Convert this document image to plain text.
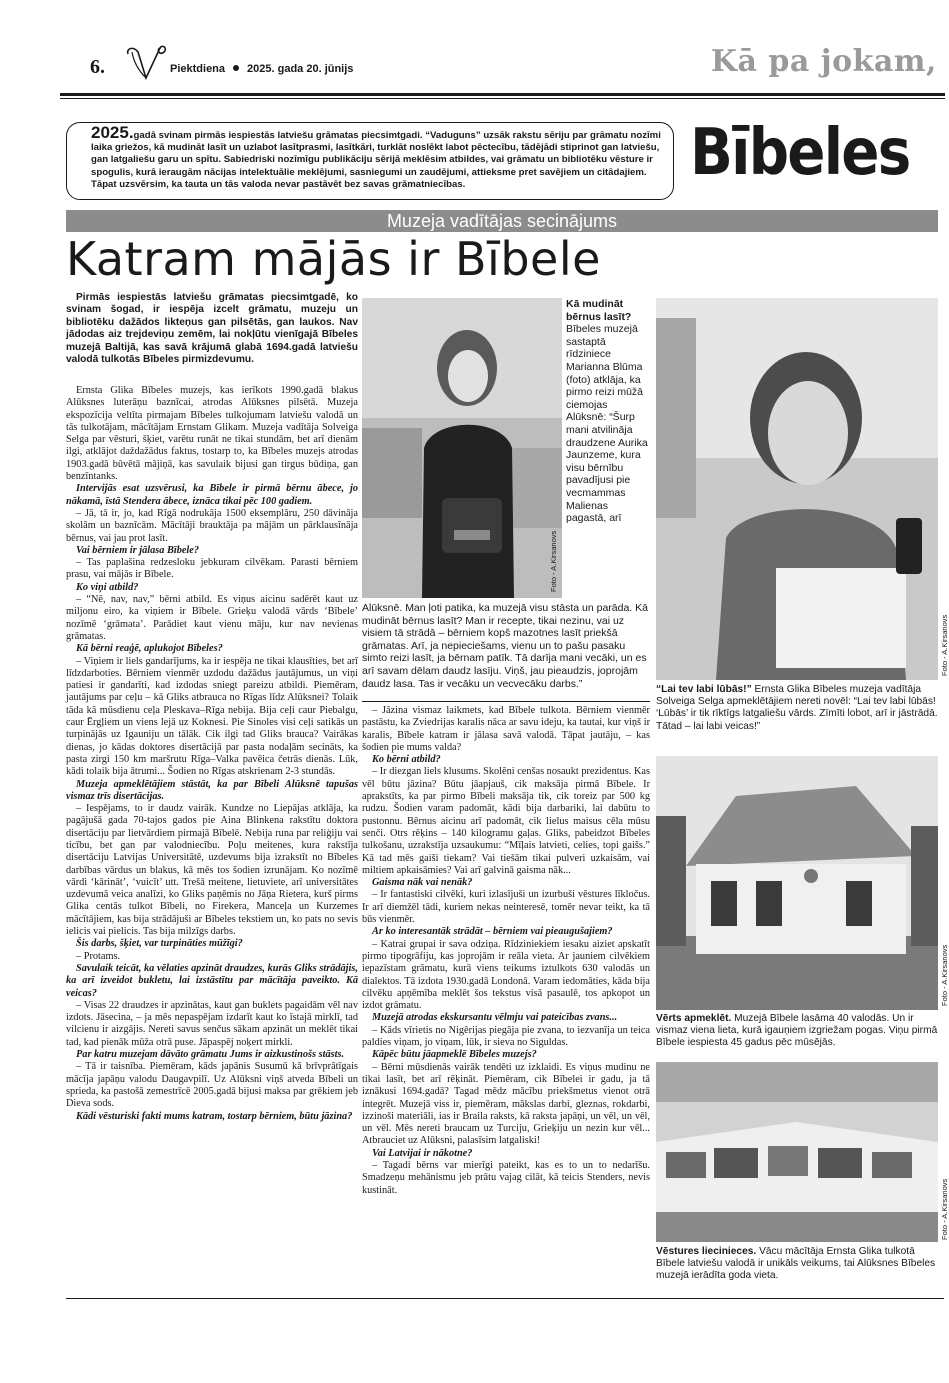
6.	Piektdiena 2025. gada 20. jūnijs	Kā pa jokam,
2025.gadā svinam pirmās iespiestās latviešu grāmatas piecsimtgadi. “Vaduguns” uzsāk rakstu sēriju par grāmatu nozīmi laika griežos, kā mudināt lasīt un uzlabot lasītprasmi, lasītkāri, turklāt noslēkt labot pēctecību, tādējādi stiprinot gan latviešu, gan latgaliešu garu un spītu. Sabiedriski nozīmīgu publikāciju sērijā meklēsim atbildes, vai grāmatu un bibliotēku vēsture ir spogulis, kurā ieraugām nācijas intelektuālie meklējumi, sasniegumi un zaudējumi, attieksme pret savējiem un citādajiem. Tāpat uzsvērsim, ka tauta un tās valoda nevar pastāvēt bez savas grāmatniecības.	Bībeles
Muzeja vadītājas secinājums
Katram mājās ir Bībele
Pirmās iespiestās latviešu grāmatas piecsimtgadē, ko svinam šogad, ir iespēja izcelt grāmatu, muzeju un bibliotēku dažādos likteņus gan pilsētās, gan laukos. Nav jādodas aiz trejdeviņu zemēm, lai nokļūtu vienīgajā Bībeles muzejā Baltijā, kas savā krājumā glabā 1694.gadā latviešu valodā tulkotās Bībeles pirmizdevumu.

Ernsta Glika Bībeles muzejs, kas ierīkots 1990.gadā blakus Alūksnes luterāņu baznīcai, atrodas Alūksnes pilsētā. Muzeja ekspozīcija veltīta pirmajam Bībeles tulkojumam latviešu valodā un tās tulkotājam, mācītājam Ernstam Glikam. Muzeja vadītāja Solveiga Selga par vēsturi, šķiet, varētu runāt ne tikai stundām, bet arī dienām ilgi, atklājot daždažādus faktus, tostarp to, ka Bībeles muzejs atrodas 1903.gadā būvētā mājiņā, kas savulaik bijusi gan tirgus būdiņa, gan benzīntanks.

Intervijās esat uzsvērusi, ka Bībele ir pirmā bērnu ābece, jo nākamā, īstā Stendera ābece, iznāca tikai pēc 100 gadiem.

– Jā, tā ir, jo, kad Rīgā nodrukāja 1500 eksemplāru, 250 dāvināja skolām un baznīcām. Mācītāji brauktāja pa mājām un pārklausīnāja bērnus, vai jau prot lasīt.

Vai bērniem ir jālasa Bībele?

– Tas paplašina redzesloku jebkuram cilvēkam. Parasti bērniem prasu, vai mājās ir Bībele.

Ko viņi atbild?

– “Nē, nav, nav,” bērni atbild. Es viņus aicinu sadērēt kaut uz miljonu eiro, ka viņiem ir Bībele. Grieķu valodā vārds ‘Bībele’ nozīmē ‘grāmata’. Parādiet kaut vienu māju, kur nav nevienas grāmatas.

Kā bērni reaģē, aplukojot Bībeles?

– Viņiem ir liels gandarījums, ka ir iespēja ne tikai klausīties, bet arī līdzdarboties. Bērniem vienmēr uzdodu dažādus jautājumus, un viņi patiesi ir gandarīti, kad izdodas sniegt pareizu atbildi. Piemēram, jautājums par ceļu – kā Gliks atbrauca no Rīgas līdz Alūksnei? Tolaik tāda kā mūsdienu ceļa Pleskava–Rīga nebija. Bija ceļi caur Piebalgu, caur Ērgļiem un viens lejā uz Koknesi. Pie Sinoles visi ceļi satikās un turpinājās uz Igauniju un tālāk. Cik ilgi tad Gliks brauca? Vairākas dienas, jo kādas doktores disertācijā par pasta nodaļām secināts, ka pasta zirgi 150 km maršrutu Rīga–Valka pavēica četrās dienās. Lūk, kādi tolaik bija ātrumi... Šodien no Rīgas atskrienam 2-3 stundās.

Muzeja apmeklētājiem stāstāt, ka par Bībeli Alūksnē tapušas vismaz trīs disertācijas.

– Iespējams, to ir daudz vairāk. Kundze no Liepājas atklāja, ka pagājušā gada 70-tajos gados pie Aina Blinkena rakstītu doktora disertāciju par lietvārdiem pirmajā Bībelē. Nebija runa par reliģiju vai ticību, bet gan par valodniecību. Poļu meitenes, kura rakstīja disertāciju Latvijas Universitātē, uzdevums bija izrakstīt no Bībeles darbības vārdus un blakus, kā mēs tos šodien izrunājam. Ko nozīmē vārdi ‘kārināt’, ‘vuicīt’ utt. Trešā meitene, lietuviete, arī universitātes uzdevumā veica analīzi, ko Gliks paņēmis no Jāņa Rietera, kurš pirms Glika centās tulkot Bībeli, no Firekera, Manceļa un Kurzemes mācītājiem, kas bija strādājuši ar Bībeles tekstiem un, ko pats no sevis ielicis vai pielicis. Tas bija milzīgs darbs.

Šis darbs, šķiet, var turpināties mūžīgi?

– Protams.

Savulaik teicāt, ka vēlaties apzināt draudzes, kurās Gliks strādājis, ka arī izveidot bukletu, lai izstāstītu par mācītāja paveikto. Kā veicas?

– Visas 22 draudzes ir apzinātas, kaut gan buklets pagaidām vēl nav izdots. Jāsecina, – ja mēs nepaspējam izdarīt kaut ko īstajā mirklī, tad vilcienu ir aizgājis. Nereti savus senčus sākam apzināt un meklēt tikai tad, kad pienāk mūža otrā puse. Jāpaspēj noķert mirkli.

Par katru muzejam dāvāto grāmatu Jums ir aizkustinošs stāsts.

– Tā ir taisnība. Piemēram, kāds japānis Susumū kā brīvprātīgais mācīja japāņu valodu Daugavpilī. Uz Alūksni viņš atveda Bībeli un sprieda, ka pastošā zemestrīcē 2005.gadā bijusi maksa par grēkiem jeb Dieva sods.

Kādi vēsturiski fakti mums katram, tostarp bērniem, būtu jāzina?

Foto - A.Kirsanovs
Kā mudināt bērnus lasīt?
Bībeles muzejā sastaptā rīdziniece Marianna Blūma (foto) atklāja, ka pirmo reizi mūžā ciemojas Alūksnē: “Šurp mani atvilināja draudzene Aurika Jaunzeme, kura visu bērnību pavadījusi pie vecmammas Malienas pagastā, arī
Alūksnē. Man ļoti patika, ka muzejā visu stāsta un parāda. Kā mudināt bērnus lasīt? Man ir recepte, tikai nezinu, vai uz visiem tā strādā – bērniem kopš mazotnes lasīt priekšā grāmatas. Arī, ja nepieciešams, vienu un to pašu pasaku simto reizi lasīt, ja bērnam patīk. Tā darīja mani vecāki, un es arī savam dēlam daudz lasīju. Viņš, jau pieaudzis, joprojām daudz lasa. Tas ir vecāku un vecvecāku darbs.”

– Jāzina vismaz laikmets, kad Bībele tulkota. Bērniem vienmēr pastāstu, ka Zviedrijas karalis nāca ar savu ideju, ka tautai, kur viņš ir karalis, Bībele katram ir jālasa savā valodā. Tāpat jautāju, – kas šodien pie mums valda?

Ko bērni atbild?

– Ir diezgan liels klusums. Skolēni cenšas nosaukt prezidentus. Kas vēl būtu jāzina? Būtu jāapjauš, cik maksāja pirmā Bībele. Ir aprakstīts, ka par pirmo Bībeli maksāja tik, cik toreiz par 500 kg rudzu. Šodien varam padomāt, kādi bija darbariki, lai dabūtu to pustonnu. Bērnus aicinu arī padomāt, cik lielus maisus cēla mūsu senči. Otrs rēķins – 140 kilogramu gaļas. Gliks, pabeidzot Bībeles tulkošanu, uzrakstīja uzsaukumu: “Mīļais latvieti, celies, topi gaišs.” Kā tad mēs gaiši tiekam? Vai tiešām tikai pulveri uzkaisām, vai miltiem apkaisāmies? Vai arī galvinā gaisma nāk...

Gaisma nāk vai nenāk?

– Ir fantastiski cilvēki, kuri izlasījuši un izurbuši vēstures līkločus. Ir arī diemžēl tādi, kuriem nekas neinteresē, tomēr nevar teikt, ka tā būs vienmēr.

Ar ko interesantāk strādāt – bērniem vai pieaugušajiem?

– Katrai grupai ir sava odziņa. Rīdziniekiem iesaku aiziet apskatīt pirmo tipogrāfiju, kas joprojām ir reāla vieta. Ar jauniem cilvēkiem iepazīstam grāmatu, kurā viens teikums iztulkots 630 valodās un dialektos. Tā izdota 1930.gadā Londonā. Varam iedomāties, kāda bija cilvēku apņēmība meklēt šos tekstus visā pasaulē, tos apkopot un izdot grāmatu.

Muzejā atrodas ekskursantu vēlmju vai pateicības zvans...

– Kāds vīrietis no Nigērijas piegāja pie zvana, to iezvanīja un teica paldies viņam, jo viņam, lūk, ir sieva no Siguldas.

Kāpēc būtu jāapmeklē Bībeles muzejs?

– Bērni mūsdienās vairāk tendēti uz izklaidi. Es viņus mudinu ne tikai lasīt, bet arī rēķināt. Piemēram, cik Bībelei ir gadu, ja tā iznākusi 1694.gadā? Tagad mēdz mācību priekšmetus vienot otrā integrēt. Muzejā viss ir, piemēram, mākslas darbi, gleznas, rokdarbi, izzinoši materiāli, ias ir Braila raksts, kā raksta japāņi, un vēl, un vēl, un vēl. Mēs nereti braucam uz Turciju, Grieķiju un nezin kur vēl... Atbrauciet uz Alūksni, palasīsim latgaliski!

Vai Latvijai ir nākotne?

– Tagadi bērns var mierīgi pateikt, kas es to un to nedarīšu. Smadzeņu mehānismu jeb prātu vajag cilāt, kā teicis Stenders, nevis kustināt.

Foto - A.Kirsanovs
“Lai tev labi lūbās!” Ernsta Glika Bībeles muzeja vadītāja Solveiga Selga apmeklētājiem nereti novēl: “Lai tev labi lūbās! ‘Lūbās’ ir tik rīktīgs latgaliešu vārds. Zīmīti lobot, arī ir jāstrādā. Tātad – lai labi veicas!”
Foto - A.Kirsanovs
Vērts apmeklēt. Muzejā Bībele lasāma 40 valodās. Un ir vismaz viena lieta, kurā igauņiem izgriežam pogas. Viņu pirmā Bībele iespiesta 45 gadus pēc mūsējās.
Foto - A.Kirsanovs
Vēstures liecinieces. Vācu mācītāja Ernsta Glika tulkotā Bībele latviešu valodā ir unikāls veikums, tai Alūksnes Bībeles muzejā ierādīta goda vieta.
